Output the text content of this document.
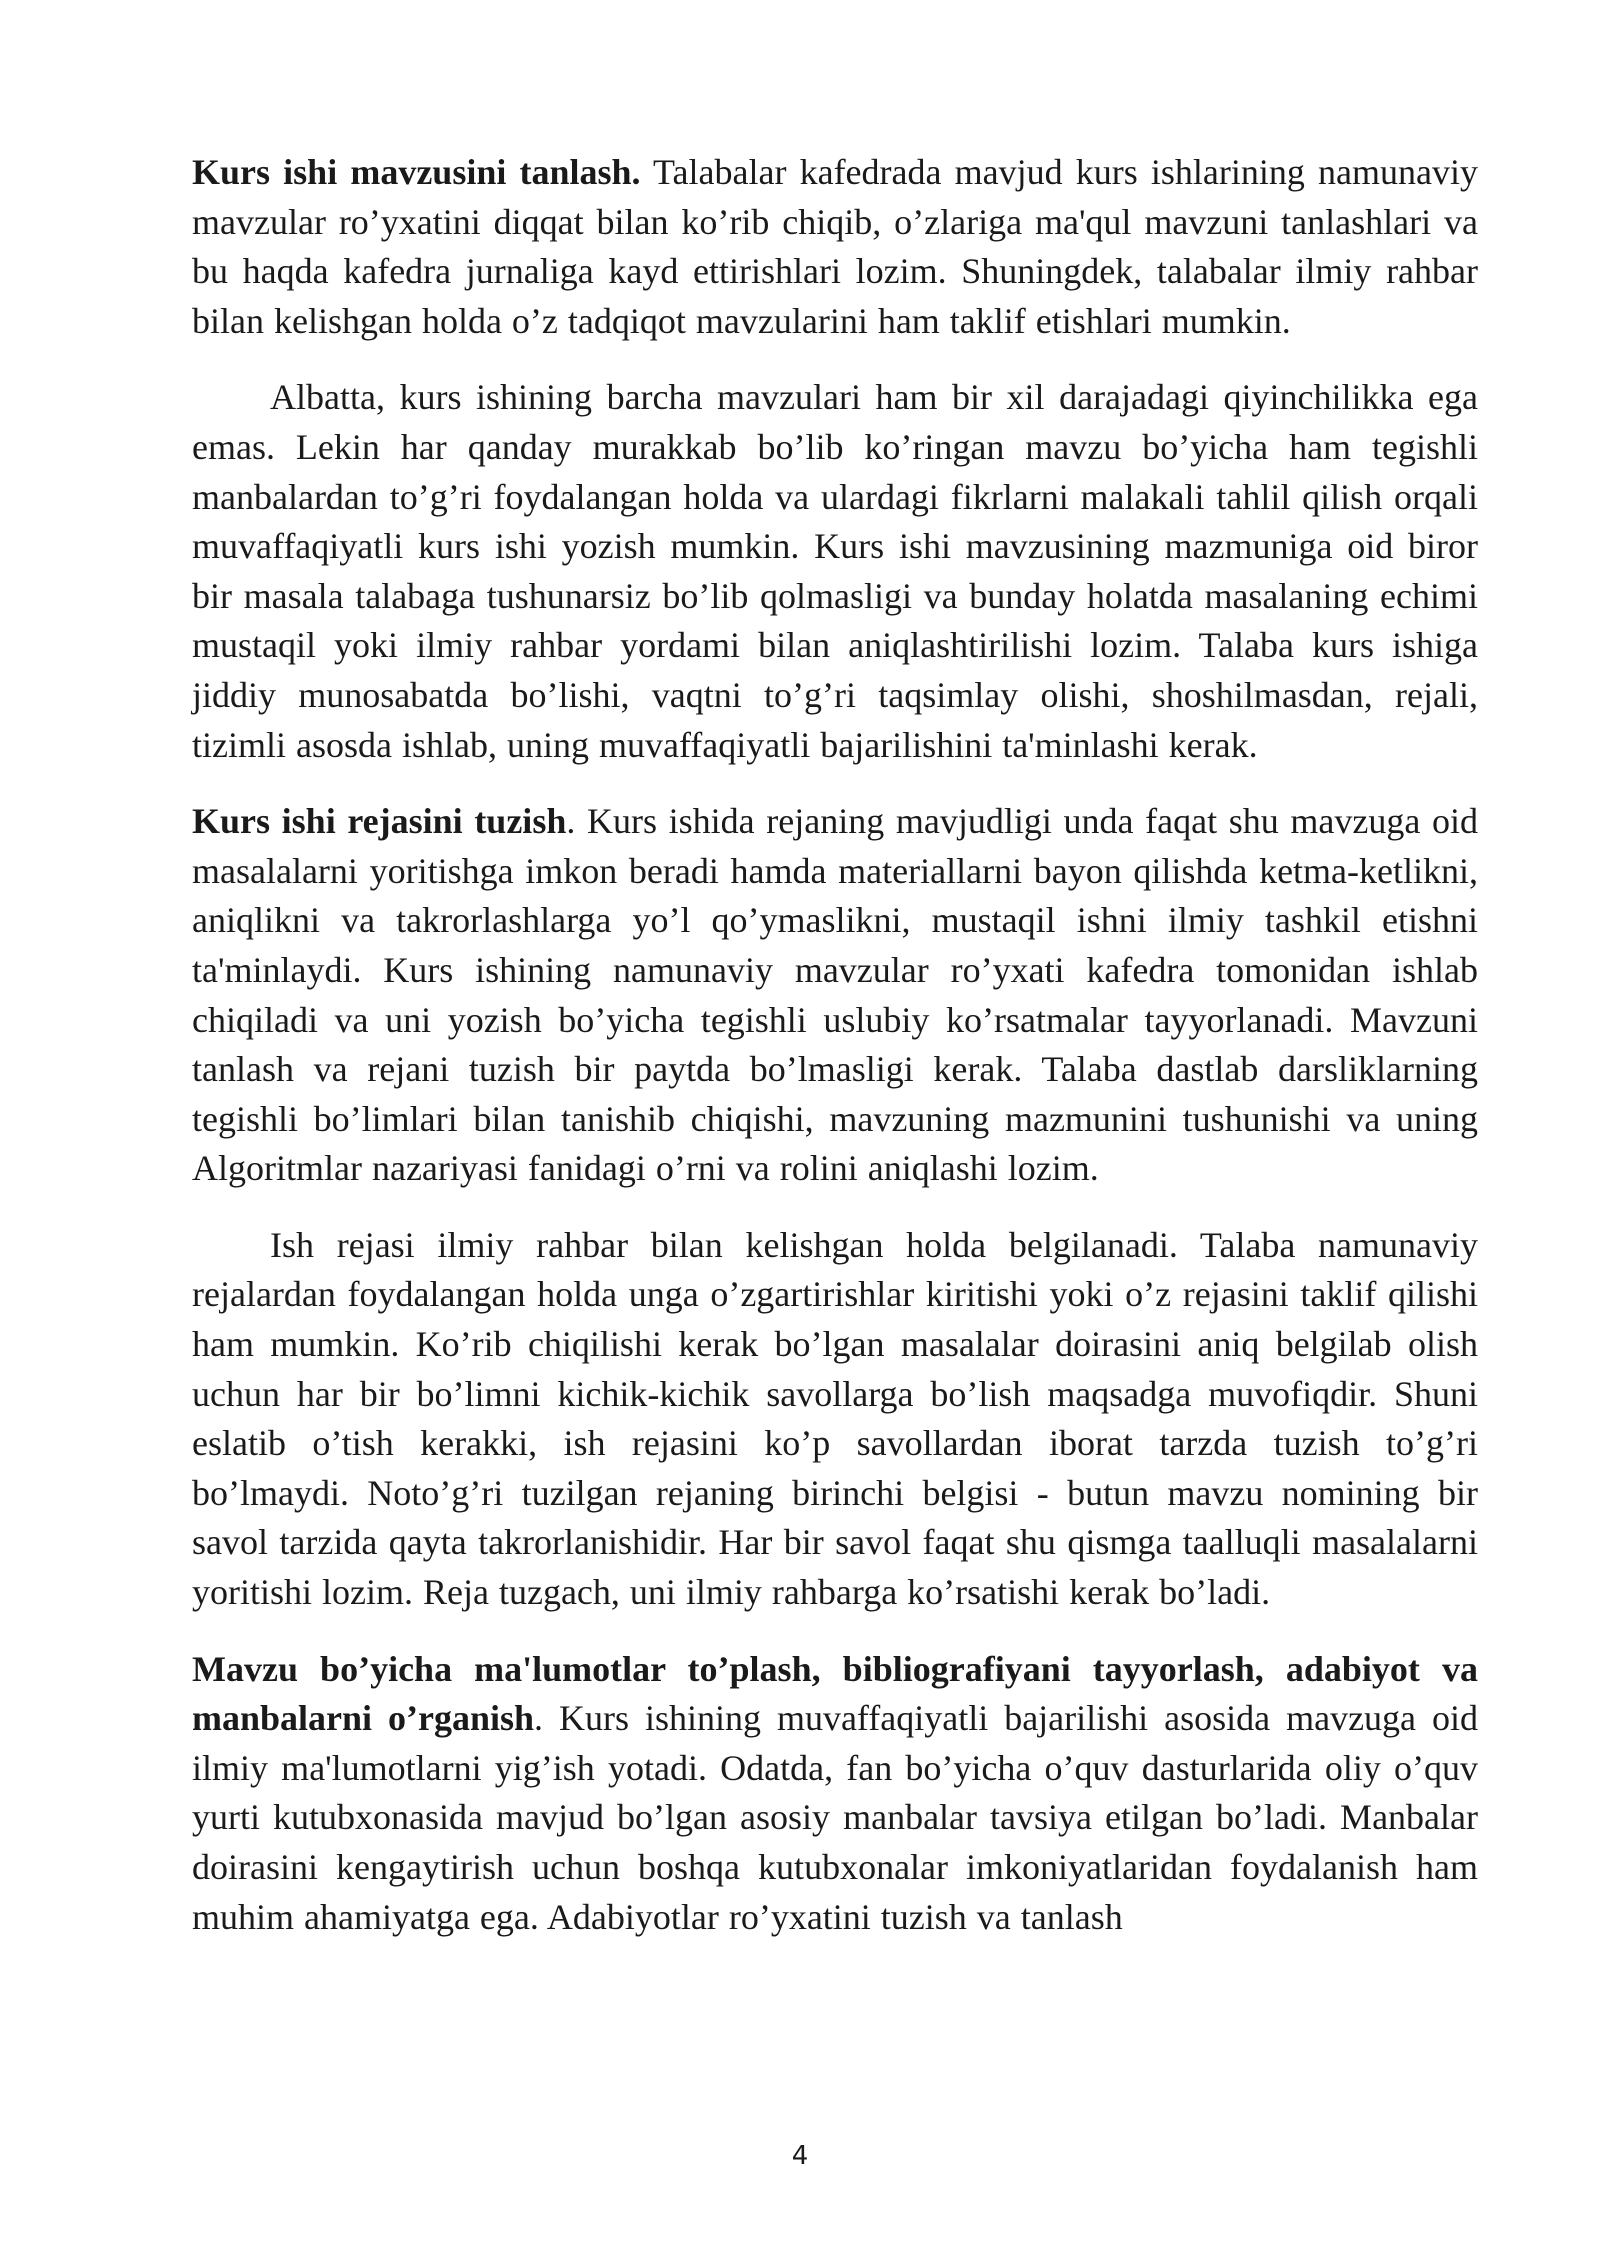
Kurs ishi mavzusini tanlash. Talabalar kafedrada mavjud kurs ishlarining namunaviy mavzular ro’yxatini diqqat bilan ko’rib chiqib, o’zlariga ma'qul mavzuni tanlashlari va bu haqda kafedra jurnaliga kayd ettirishlari lozim. Shuningdek, talabalar ilmiy rahbar bilan kelishgan holda o’z tadqiqot mavzularini ham taklif etishlari mumkin.

Albatta, kurs ishining barcha mavzulari ham bir xil darajadagi qiyinchilikka ega emas. Lekin har qanday murakkab bo’lib ko’ringan mavzu bo’yicha ham tegishli manbalardan to’g’ri foydalangan holda va ulardagi fikrlarni malakali tahlil qilish orqali muvaffaqiyatli kurs ishi yozish mumkin. Kurs ishi mavzusining mazmuniga oid biror bir masala talabaga tushunarsiz bo’lib qolmasligi va bunday holatda masalaning echimi mustaqil yoki ilmiy rahbar yordami bilan aniqlashtirilishi lozim. Talaba kurs ishiga jiddiy munosabatda bo’lishi, vaqtni to’g’ri taqsimlay olishi, shoshilmasdan, rejali, tizimli asosda ishlab, uning muvaffaqiyatli bajarilishini ta'minlashi kerak.

Kurs ishi rejasini tuzish. Kurs ishida rejaning mavjudligi unda faqat shu mavzuga oid masalalarni yoritishga imkon beradi hamda materiallarni bayon qilishda ketma-ketlikni, aniqlikni va takrorlashlarga yo’l qo’ymaslikni, mustaqil ishni ilmiy tashkil etishni ta'minlaydi. Kurs ishining namunaviy mavzular ro’yxati kafedra tomonidan ishlab chiqiladi va uni yozish bo’yicha tegishli uslubiy ko’rsatmalar tayyorlanadi. Mavzuni tanlash va rejani tuzish bir paytda bo’lmasligi kerak. Talaba dastlab darsliklarning tegishli bo’limlari bilan tanishib chiqishi, mavzuning mazmunini tushunishi va uning Algoritmlar nazariyasi fanidagi o’rni va rolini aniqlashi lozim.

Ish rejasi ilmiy rahbar bilan kelishgan holda belgilanadi. Talaba namunaviy rejalardan foydalangan holda unga o’zgartirishlar kiritishi yoki o’z rejasini taklif qilishi ham mumkin. Ko’rib chiqilishi kerak bo’lgan masalalar doirasini aniq belgilab olish uchun har bir bo’limni kichik-kichik savollarga bo’lish maqsadga muvofiqdir. Shuni eslatib o’tish kerakki, ish rejasini ko’p savollardan iborat tarzda tuzish to’g’ri bo’lmaydi. Noto’g’ri tuzilgan rejaning birinchi belgisi - butun mavzu nomining bir savol tarzida qayta takrorlanishidir. Har bir savol faqat shu qismga taalluqli masalalarni yoritishi lozim. Reja tuzgach, uni ilmiy rahbarga ko’rsatishi kerak bo’ladi.

Mavzu bo’yicha ma'lumotlar to’plash, bibliografiyani tayyorlash, adabiyot va manbalarni o’rganish. Kurs ishining muvaffaqiyatli bajarilishi asosida mavzuga oid ilmiy ma'lumotlarni yig’ish yotadi. Odatda, fan bo’yicha o’quv dasturlarida oliy o’quv yurti kutubxonasida mavjud bo’lgan asosiy manbalar tavsiya etilgan bo’ladi. Manbalar doirasini kengaytirish uchun boshqa kutubxonalar imkoniyatlaridan foydalanish ham muhim ahamiyatga ega. Adabiyotlar ro’yxatini tuzish va tanlash

4
